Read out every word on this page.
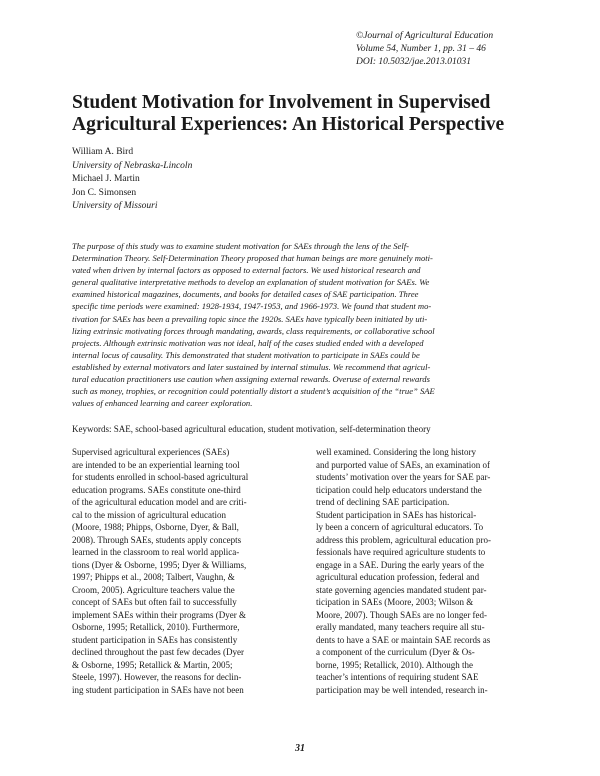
©Journal of Agricultural Education
Volume 54, Number 1, pp. 31 – 46
DOI: 10.5032/jae.2013.01031
Student Motivation for Involvement in Supervised
Agricultural Experiences: An Historical Perspective
William A. Bird
University of Nebraska-Lincoln
Michael J. Martin
Jon C. Simonsen
University of Missouri
The purpose of this study was to examine student motivation for SAEs through the lens of the Self-
Determination Theory. Self-Determination Theory proposed that human beings are more genuinely moti-
vated when driven by internal factors as opposed to external factors. We used historical research and
general qualitative interpretative methods to develop an explanation of student motivation for SAEs. We
examined historical magazines, documents, and books for detailed cases of SAE participation. Three
specific time periods were examined: 1928-1934, 1947-1953, and 1966-1973. We found that student mo-
tivation for SAEs has been a prevailing topic since the 1920s. SAEs have typically been initiated by uti-
lizing extrinsic motivating forces through mandating, awards, class requirements, or collaborative school
projects. Although extrinsic motivation was not ideal, half of the cases studied ended with a developed
internal locus of causality. This demonstrated that student motivation to participate in SAEs could be
established by external motivators and later sustained by internal stimulus. We recommend that agricul-
tural education practitioners use caution when assigning external rewards. Overuse of external rewards
such as money, trophies, or recognition could potentially distort a student’s acquisition of the “true” SAE
values of enhanced learning and career exploration.
Keywords: SAE, school-based agricultural education, student motivation, self-determination theory
Supervised agricultural experiences (SAEs)
are intended to be an experiential learning tool
for students enrolled in school-based agricultural
education programs. SAEs constitute one-third
of the agricultural education model and are criti-
cal to the mission of agricultural education
(Moore, 1988; Phipps, Osborne, Dyer, & Ball,
2008). Through SAEs, students apply concepts
learned in the classroom to real world applica-
tions (Dyer & Osborne, 1995; Dyer & Williams,
1997; Phipps et al., 2008; Talbert, Vaughn, &
Croom, 2005). Agriculture teachers value the
concept of SAEs but often fail to successfully
implement SAEs within their programs (Dyer &
Osborne, 1995; Retallick, 2010). Furthermore,
student participation in SAEs has consistently
declined throughout the past few decades (Dyer
& Osborne, 1995; Retallick & Martin, 2005;
Steele, 1997). However, the reasons for declin-
ing student participation in SAEs have not been
well examined. Considering the long history
and purported value of SAEs, an examination of
students’ motivation over the years for SAE par-
ticipation could help educators understand the
trend of declining SAE participation.
Student participation in SAEs has historical-
ly been a concern of agricultural educators. To
address this problem, agricultural education pro-
fessionals have required agriculture students to
engage in a SAE. During the early years of the
agricultural education profession, federal and
state governing agencies mandated student par-
ticipation in SAEs (Moore, 2003; Wilson &
Moore, 2007). Though SAEs are no longer fed-
erally mandated, many teachers require all stu-
dents to have a SAE or maintain SAE records as
a component of the curriculum (Dyer & Os-
borne, 1995; Retallick, 2010). Although the
teacher’s intentions of requiring student SAE
participation may be well intended, research in-
31
